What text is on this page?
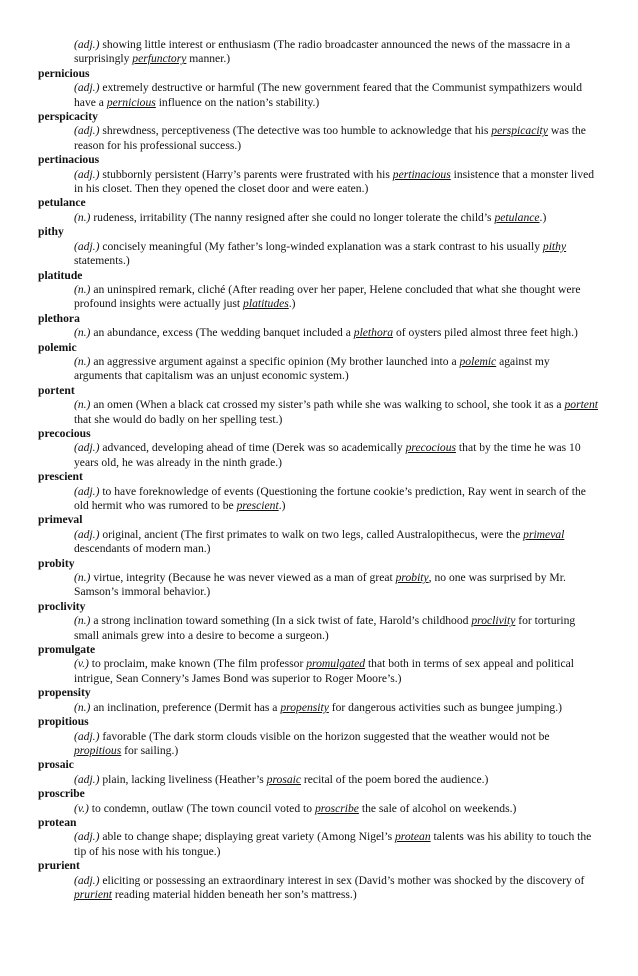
(adj.) showing little interest or enthusiasm (The radio broadcaster announced the news of the massacre in a surprisingly perfunctory manner.)
pernicious
(adj.) extremely destructive or harmful (The new government feared that the Communist sympathizers would have a pernicious influence on the nation’s stability.)
perspicacity
(adj.) shrewdness, perceptiveness (The detective was too humble to acknowledge that his perspicacity was the reason for his professional success.)
pertinacious
(adj.) stubbornly persistent (Harry’s parents were frustrated with his pertinacious insistence that a monster lived in his closet. Then they opened the closet door and were eaten.)
petulance
(n.) rudeness, irritability (The nanny resigned after she could no longer tolerate the child’s petulance.)
pithy
(adj.) concisely meaningful (My father’s long-winded explanation was a stark contrast to his usually pithy statements.)
platitude
(n.) an uninspired remark, cliché (After reading over her paper, Helene concluded that what she thought were profound insights were actually just platitudes.)
plethora
(n.) an abundance, excess (The wedding banquet included a plethora of oysters piled almost three feet high.)
polemic
(n.) an aggressive argument against a specific opinion (My brother launched into a polemic against my arguments that capitalism was an unjust economic system.)
portent
(n.) an omen (When a black cat crossed my sister’s path while she was walking to school, she took it as a portent that she would do badly on her spelling test.)
precocious
(adj.) advanced, developing ahead of time (Derek was so academically precocious that by the time he was 10 years old, he was already in the ninth grade.)
prescient
(adj.) to have foreknowledge of events (Questioning the fortune cookie’s prediction, Ray went in search of the old hermit who was rumored to be prescient.)
primeval
(adj.) original, ancient (The first primates to walk on two legs, called Australopithecus, were the primeval descendants of modern man.)
probity
(n.) virtue, integrity (Because he was never viewed as a man of great probity, no one was surprised by Mr. Samson’s immoral behavior.)
proclivity
(n.) a strong inclination toward something (In a sick twist of fate, Harold’s childhood proclivity for torturing small animals grew into a desire to become a surgeon.)
promulgate
(v.) to proclaim, make known (The film professor promulgated that both in terms of sex appeal and political intrigue, Sean Connery’s James Bond was superior to Roger Moore’s.)
propensity
(n.) an inclination, preference (Dermit has a propensity for dangerous activities such as bungee jumping.)
propitious
(adj.) favorable (The dark storm clouds visible on the horizon suggested that the weather would not be propitious for sailing.)
prosaic
(adj.) plain, lacking liveliness (Heather’s prosaic recital of the poem bored the audience.)
proscribe
(v.) to condemn, outlaw (The town council voted to proscribe the sale of alcohol on weekends.)
protean
(adj.) able to change shape; displaying great variety (Among Nigel’s protean talents was his ability to touch the tip of his nose with his tongue.)
prurient
(adj.) eliciting or possessing an extraordinary interest in sex (David’s mother was shocked by the discovery of prurient reading material hidden beneath her son’s mattress.)
